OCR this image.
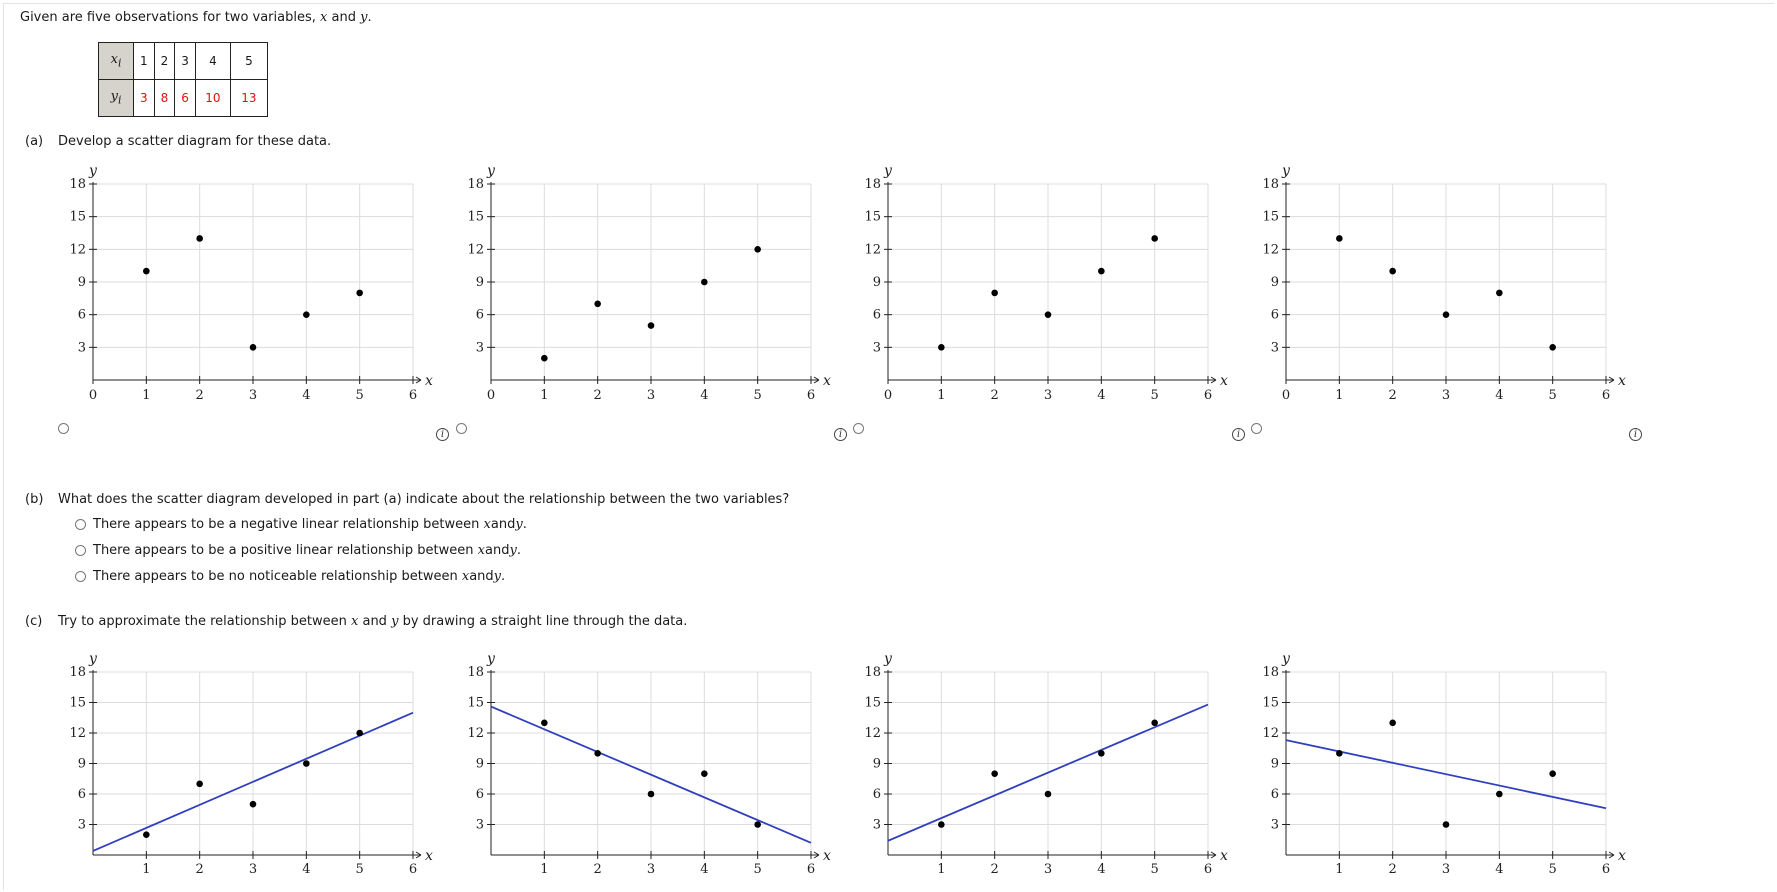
Given are five observations for two variables, x and y.
$x_i$	1	2	3	4	5
$y_i$	3	8	6	10	13
(a) Develop a scatter diagram for these data.
3
6
9
12
15
18
0	1	2	3	4	5	6
y
x
3
6
9
12
15
18
0	1	2	3	4	5	6
y
x
3
6
9
12
15
18
0	1	2	3	4	5	6
y
x
3
6
9
12
15
18
0	1	2	3	4	5	6
y
x
i	i	i	i
(b) What does the scatter diagram developed in part (a) indicate about the relationship between the two variables?
There appears to be a negative linear relationship between
x and y .
There appears to be a positive linear relationship between
x and y .
There appears to be no noticeable relationship between
x and y .
(c) Try to approximate the relationship between x and y by drawing a straight line through the data.
3
6
9
12
15
18
1	2	3	4	5	6
y
x
3
6
9
12
15
18
1	2	3	4	5	6
y
x
3
6
9
12
15
18
1	2	3	4	5	6
y
x
3
6
9
12
15
18
1	2	3	4	5	6
y
x
